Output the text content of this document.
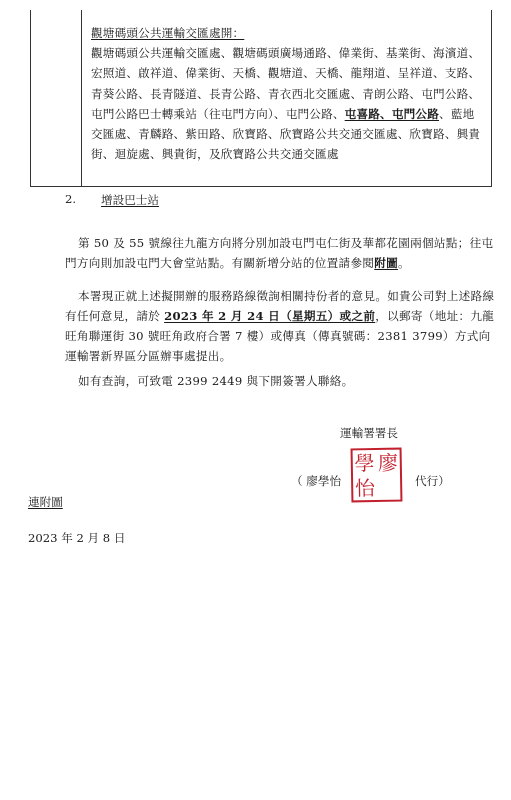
觀塘碼頭公共運輸交匯處開：
觀塘碼頭公共運輸交匯處、觀塘碼頭廣場通路、偉業街、基業街、海濱道、宏照道、啟祥道、偉業街、天橋、觀塘道、天橋、龍翔道、呈祥道、支路、青葵公路、長青隧道、長青公路、青衣西北交匯處、青朗公路、屯門公路、屯門公路巴士轉乘站（往屯門方向）、屯門公路、屯喜路、屯門公路、藍地交匯處、青麟路、紫田路、欣寶路、欣寶路公共交通交匯處、欣寶路、興貴街、迴旋處、興貴街，及欣寶路公共交通交匯處
2. 增設巴士站
第 50 及 55 號線往九龍方向將分別加設屯門屯仁街及華都花園兩個站點；往屯門方向則加設屯門大會堂站點。有關新增分站的位置請參閱附圖。
本署現正就上述擬開辦的服務路線徵詢相關持份者的意見。如貴公司對上述路線有任何意見，請於 2023 年 2 月 24 日（星期五）或之前，以郵寄（地址：九龍旺角聯運街 30 號旺角政府合署 7 樓）或傳真（傳真號碼：2381 3799）方式向運輸署新界區分區辦事處提出。
如有查詢，可致電 2399 2449 與下開簽署人聯絡。
運輸署署長
（ 廖學怡
學 廖
怡	代行）
連附圖
2023 年 2 月 8 日
